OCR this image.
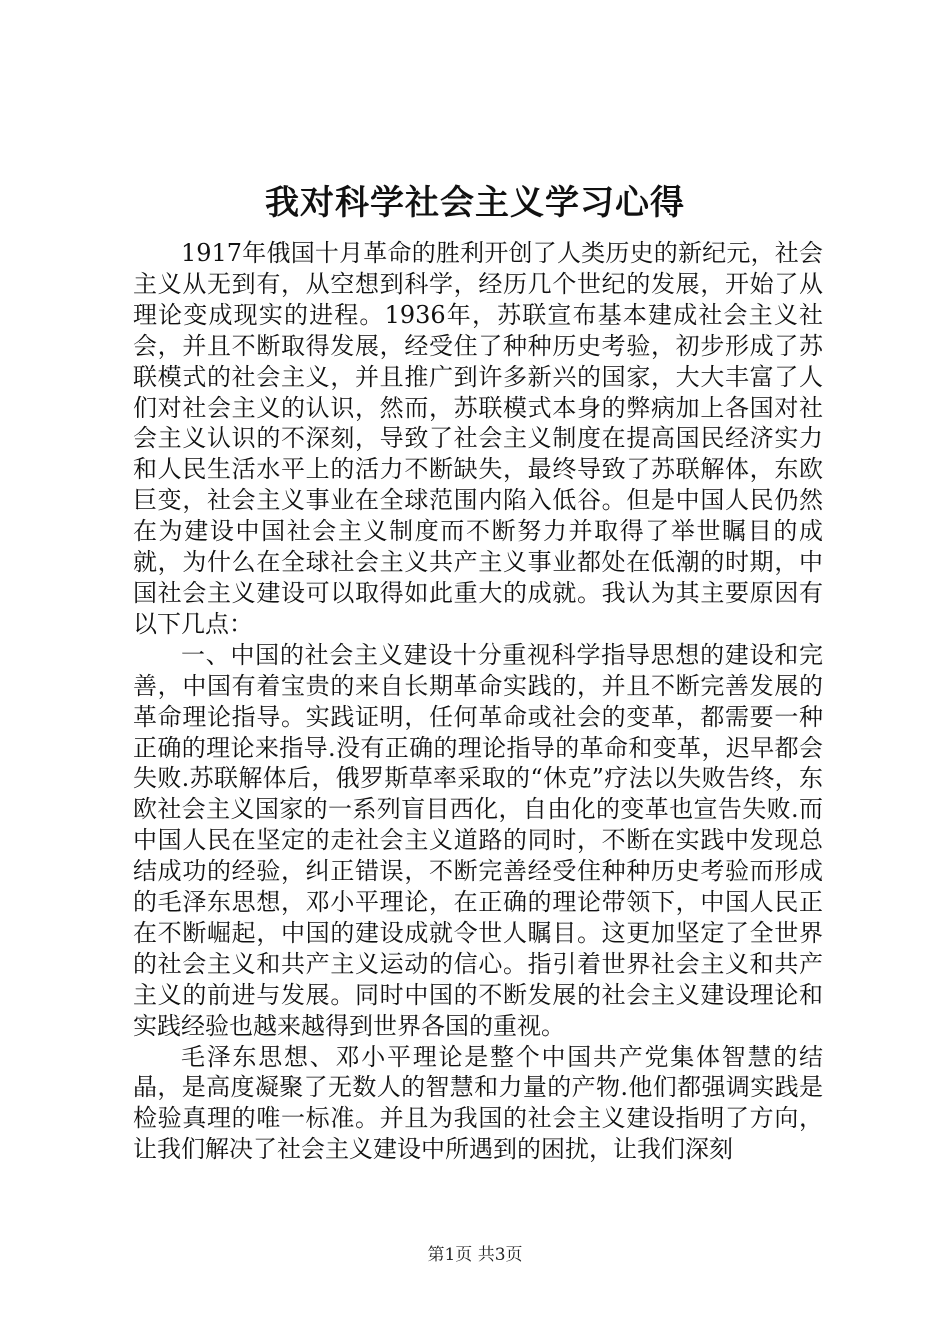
我对科学社会主义学习心得

1917年俄国十月革命的胜利开创了人类历史的新纪元，社会主义从无到有，从空想到科学，经历几个世纪的发展，开始了从理论变成现实的进程。1936年，苏联宣布基本建成社会主义社会，并且不断取得发展，经受住了种种历史考验，初步形成了苏联模式的社会主义，并且推广到许多新兴的国家，大大丰富了人们对社会主义的认识，然而，苏联模式本身的弊病加上各国对社会主义认识的不深刻，导致了社会主义制度在提高国民经济实力和人民生活水平上的活力不断缺失，最终导致了苏联解体，东欧巨变，社会主义事业在全球范围内陷入低谷。但是中国人民仍然在为建设中国社会主义制度而不断努力并取得了举世瞩目的成就，为什么在全球社会主义共产主义事业都处在低潮的时期，中国社会主义建设可以取得如此重大的成就。我认为其主要原因有以下几点：

一、中国的社会主义建设十分重视科学指导思想的建设和完善，中国有着宝贵的来自长期革命实践的，并且不断完善发展的革命理论指导。实践证明，任何革命或社会的变革，都需要一种正确的理论来指导.没有正确的理论指导的革命和变革，迟早都会失败.苏联解体后，俄罗斯草率采取的“休克”疗法以失败告终，东欧社会主义国家的一系列盲目西化，自由化的变革也宣告失败.而中国人民在坚定的走社会主义道路的同时，不断在实践中发现总结成功的经验，纠正错误，不断完善经受住种种历史考验而形成的毛泽东思想，邓小平理论，在正确的理论带领下，中国人民正在不断崛起，中国的建设成就令世人瞩目。这更加坚定了全世界的社会主义和共产主义运动的信心。指引着世界社会主义和共产主义的前进与发展。同时中国的不断发展的社会主义建设理论和实践经验也越来越得到世界各国的重视。

毛泽东思想、邓小平理论是整个中国共产党集体智慧的结晶，是高度凝聚了无数人的智慧和力量的产物.他们都强调实践是检验真理的唯一标准。并且为我国的社会主义建设指明了方向，让我们解决了社会主义建设中所遇到的困扰，让我们深刻

第1页 共3页
